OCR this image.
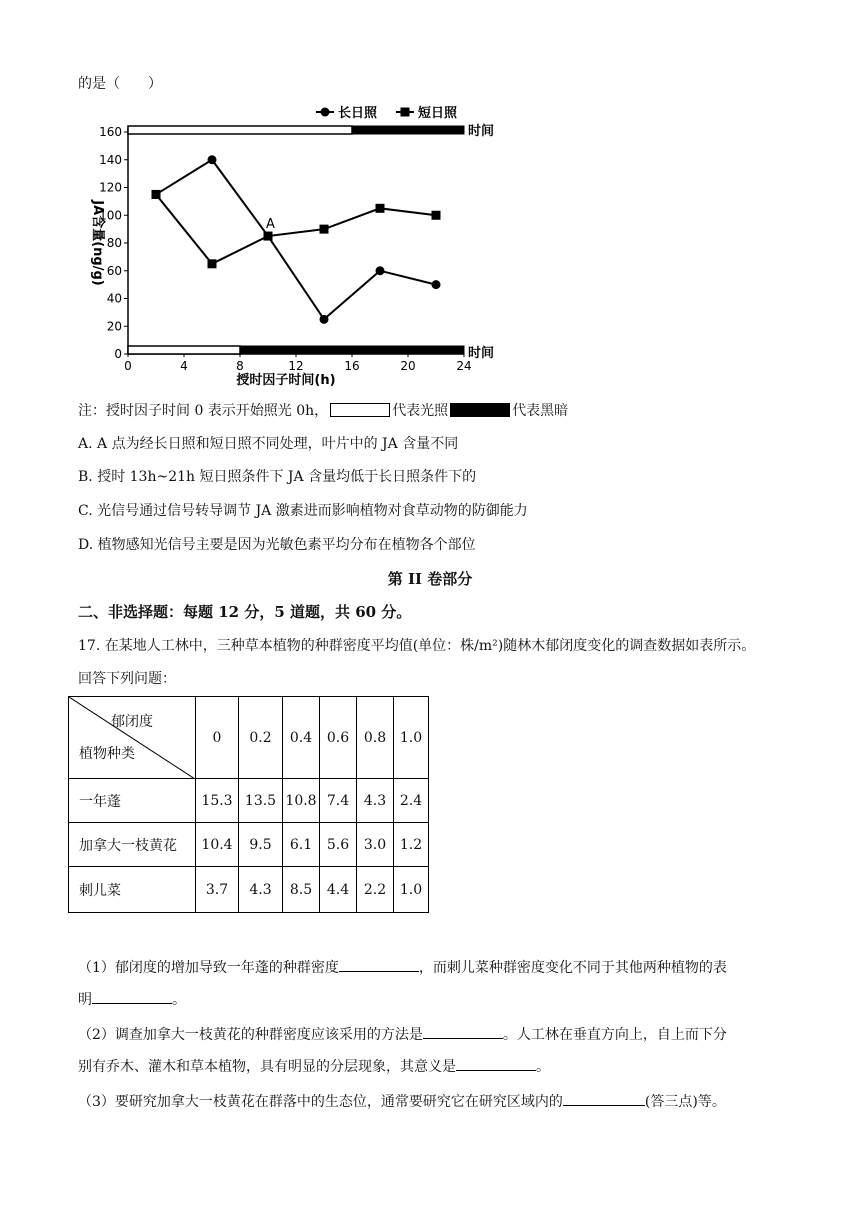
的是（　　）
0
20
40
60
80
100
120
140
160
0	4	8	12	16	20	24
授时因子时间(h)
JA含量(ng/g)
时间
时间
A
长日照	短日照
注：授时因子时间 0 表示开始照光 0h，	代表光照	代表黑暗
A. A 点为经长日照和短日照不同处理，叶片中的 JA 含量不同
B. 授时 13h~21h 短日照条件下 JA 含量均低于长日照条件下的
C. 光信号通过信号转导调节 JA 激素进而影响植物对食草动物的防御能力
D. 植物感知光信号主要是因为光敏色素平均分布在植物各个部位
第 II 卷部分
二、非选择题：每题 12 分，5 道题，共 60 分。
17. 在某地人工林中，三种草本植物的种群密度平均值(单位：株/m²)随林木郁闭度变化的调查数据如表所示。
回答下列问题：
郁闭度
植物种类	0	0.2	0.4	0.6	0.8	1.0
一年蓬	15.3	13.5	10.8	7.4	4.3	2.4
加拿大一枝黄花	10.4	9.5	6.1	5.6	3.0	1.2
刺儿菜	3.7	4.3	8.5	4.4	2.2	1.0
（1）郁闭度的增加导致一年蓬的种群密度	，而刺儿菜种群密度变化不同于其他两种植物的表
明	。
（2）调查加拿大一枝黄花的种群密度应该采用的方法是	。人工林在垂直方向上，自上而下分
别有乔木、灌木和草本植物，具有明显的分层现象，其意义是	。
（3）要研究加拿大一枝黄花在群落中的生态位，通常要研究它在研究区域内的	(答三点)等。
